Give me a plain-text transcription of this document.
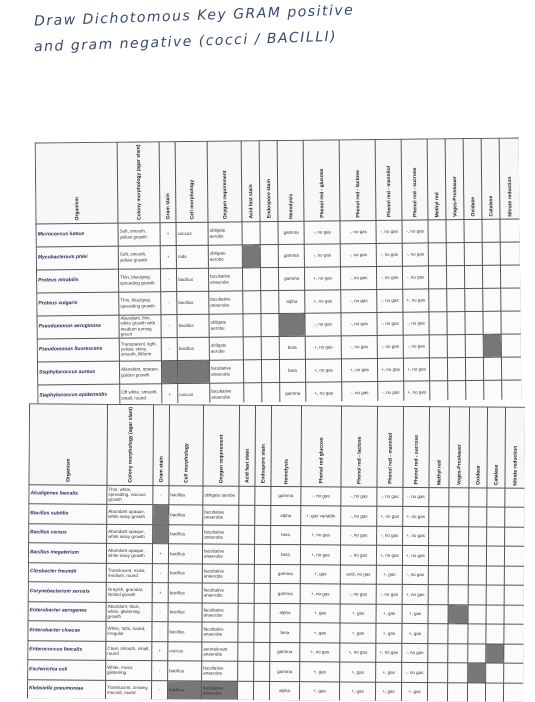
Draw Dichotomous Key GRAM positive
and gram negative (cocci / BACILLI)
Organism	Colony morphology (agar slant)	Gram stain	Cell morphology	Oxygen requirement	Acid fast stain	Endospore stain	Hemolysis	Phenol red - glucose	Phenol red - lactose	Phenol red - mannitol	Phenol red - sucrose	Methyl red	Voges-Proskauer	Oxidase	Catalase	Nitrate reduction

Micrococcus luteus	Soft, smooth, yellow growth	+	coccus	obligate aerobe			gamma	-, no gas	-, no gas	-, no gas	-, no gas					
Mycobacterium phlei	Soft, smooth, yellow growth	+	rods	obligate aerobe			gamma	-, no gas	-, no gas	-, no gas	-, no gas					
Proteus mirabilis	Thin, blue/gray, spreading growth	-	bacillus	facultative anaerobe			gamma	+, no gas	-, no gas	-, no gas	-, no gas					
Proteus vulgaris	Thin, blue/gray, spreading growth	-	bacillus	facultative anaerobe			alpha	+, no gas	-, no gas	-, no gas	+, no gas					
Pseudomonas aeruginosa	Abundant, thin, white growth with medium turning green	-	bacillus	obligate aerobe				-, no gas	-, no gas	-, no gas	-, no gas					
Pseudomonas fluorescens	Transparent, light, yellow, shiny, smooth, filiform	-	bacillus	obligate aerobe			beta	+, no gas	-, no gas	-, no gas	-, no gas					
Staphylococcus aureus	Abundant, opaque, golden growth			facultative anaerobe			beta	+, no gas	+, no gas	+, no gas	+, no gas					
Staphylococcus epidermidis	Off white, smooth, small, round	+	coccus	facultative anaerobe			gamma	+, no gas	-, no gas	-, no gas	+, no gas					
Organism	Colony morphology (agar slant)	Gram stain	Cell morphology	Oxygen requirement	Acid fast stain	Endospore stain	Hemolysis	Phenol red glucose	Phenol red - lactose	Phenol red - mannitol	Phenol red - sucrose	Methyl red	Voges-Proskauer	Oxidase	Catalase	Nitrate reduction

Alcaligenes faecalis	Thin, white, spreading, viscous growth	-	bacillus	obligate aerobe			gamma	-, no gas	-, no gas	-, no gas	-, no gas					
Bacillus subtilis	Abundant opaque, white waxy growth		bacillus	facultative anaerobe			alpha	+, gas variable	-, no gas	+, no gas	+, no gas					
Bacillus cereus	Abundant opaque, white waxy growth		bacillus	facultative anaerobe			beta	+, no gas	-, no gas	-, no gas	+, no gas					
Bacillus megaterium	Abundant opaque, white waxy growth	+	bacillus	facultative anaerobe			beta	+, no gas	-, no gas	+, no gas	+, no gas					
Citrobacter freundii	Translucent, moist, medium, round	-	bacillus	facultative anaerobe			gamma	+, gas	acid, no gas	+, gas	-, no gas					
Corynebacterium xerosis	Grayish, granular, limited growth	+	bacillus	facultative anaerobe			gamma	+, no gas	-, no gas	-, no gas	+, no gas					
Enterobacter aerogenes	Abundant, thick, white, glistening growth	-	bacillus	facultative anaerobe			alpha	+, gas	+, gas	+, gas	+, gas					
Enterobacter cloacae	White, tufts, round, irregular	-	bacillus	facultative anaerobe			beta	+, gas	+, gas	+, gas	+, gas					
Enterococcus faecalis	Clear, smooth, small, round	+	coccus	aerotolerant anaerobe			gamma	+, no gas	+, no gas	+, no gas	-, no gas					
Escherichia coli	White, moist, glistening	-	bacillus	facultative anaerobe			gamma	+, gas	+, gas	+, gas	-, no gas					
Klebsiella pneumoniae	Translucent, creamy, mucoid, round	-	bacillus	facultative anaerobe			alpha	+, gas	+, gas	+, gas	+, gas					
